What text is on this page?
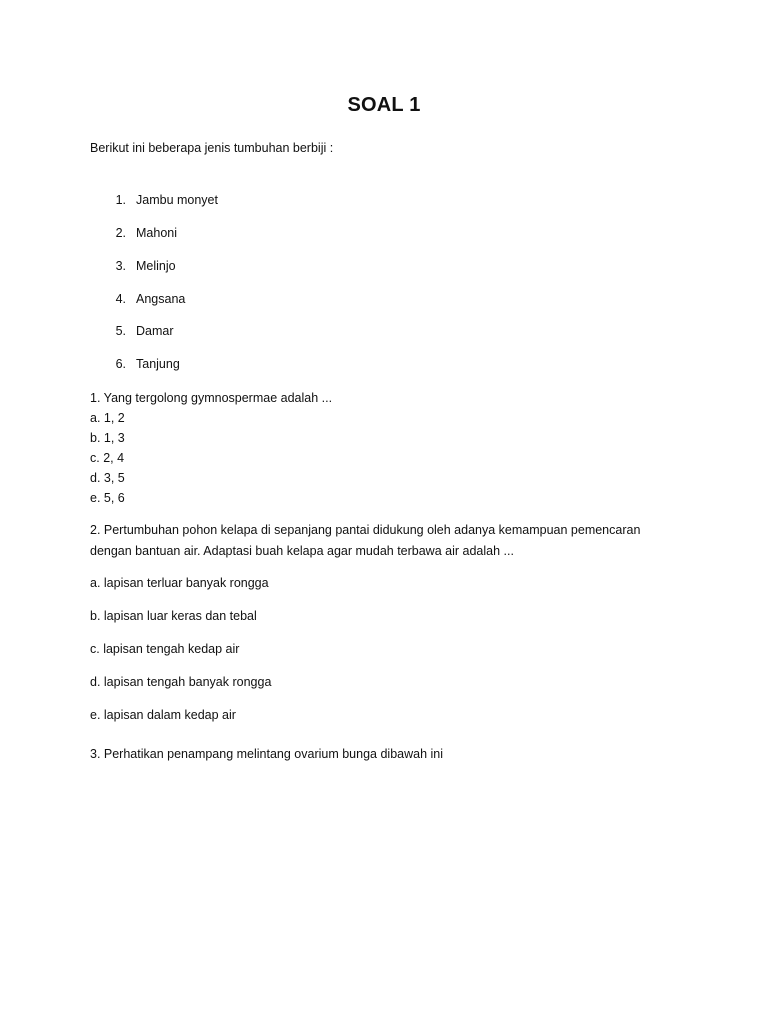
SOAL 1
Berikut ini beberapa jenis tumbuhan berbiji :
1. Jambu monyet
2. Mahoni
3. Melinjo
4. Angsana
5. Damar
6. Tanjung
1. Yang tergolong gymnospermae adalah ...
a. 1, 2
b. 1, 3
c. 2, 4
d. 3, 5
e. 5, 6
2. Pertumbuhan pohon kelapa di sepanjang pantai didukung oleh adanya kemampuan pemencaran
dengan bantuan air. Adaptasi buah kelapa agar mudah terbawa air adalah ...
a. lapisan terluar banyak rongga
b. lapisan luar keras dan tebal
c. lapisan tengah kedap air
d. lapisan tengah banyak rongga
e. lapisan dalam kedap air
3. Perhatikan penampang melintang ovarium bunga dibawah ini
